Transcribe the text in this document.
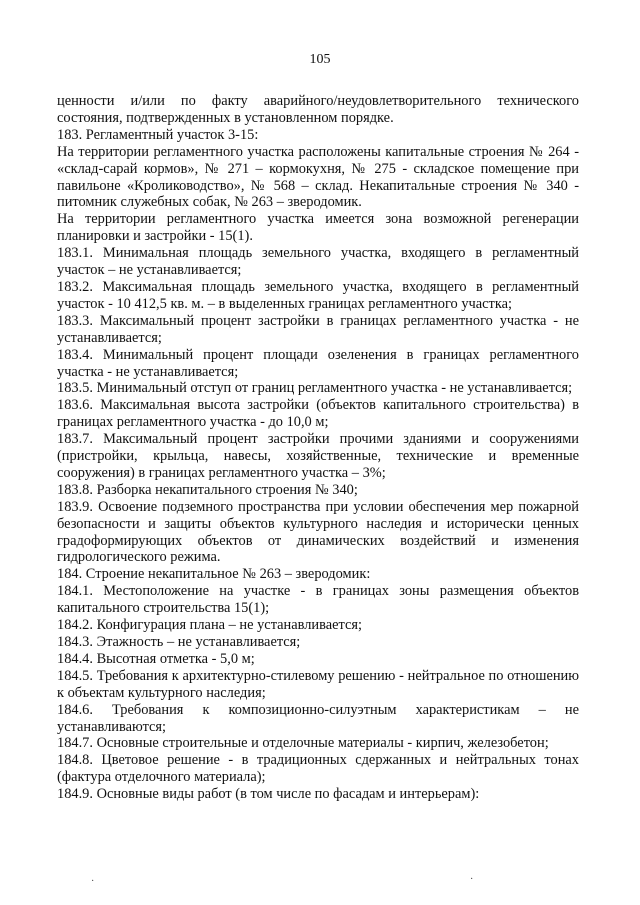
105

ценности и/или по факту аварийного/неудовлетворительного технического состояния, подтвержденных в установленном порядке.

183. Регламентный участок 3-15:

На территории регламентного участка расположены капитальные строения № 264 - «склад-сарай кормов», № 271 – кормокухня, № 275 - складское помещение при павильоне «Кролиководство», № 568 – склад. Некапитальные строения № 340 - питомник служебных собак, № 263 – зверодомик.

На территории регламентного участка имеется зона возможной регенерации планировки и застройки - 15(1).

183.1. Минимальная площадь земельного участка, входящего в регламентный участок – не устанавливается;

183.2. Максимальная площадь земельного участка, входящего в регламентный участок - 10 412,5 кв. м. – в выделенных границах регламентного участка;

183.3. Максимальный процент застройки в границах регламентного участка - не устанавливается;

183.4. Минимальный процент площади озеленения в границах регламентного участка - не устанавливается;

183.5. Минимальный отступ от границ регламентного участка - не устанавливается;

183.6. Максимальная высота застройки (объектов капитального строительства) в границах регламентного участка - до 10,0 м;

183.7. Максимальный процент застройки прочими зданиями и сооружениями (пристройки, крыльца, навесы, хозяйственные, технические и временные сооружения) в границах регламентного участка – 3%;

183.8. Разборка некапитального строения № 340;

183.9. Освоение подземного пространства при условии обеспечения мер пожарной безопасности и защиты объектов культурного наследия и исторически ценных градоформирующих объектов от динамических воздействий и изменения гидрологического режима.

184. Строение некапитальное № 263 – зверодомик:

184.1. Местоположение на участке - в границах зоны размещения объектов капитального строительства 15(1);

184.2. Конфигурация плана – не устанавливается;

184.3. Этажность – не устанавливается;

184.4. Высотная отметка - 5,0 м;

184.5. Требования к архитектурно-стилевому решению - нейтральное по отношению к объектам культурного наследия;

184.6. Требования к композиционно-силуэтным характеристикам – не устанавливаются;

184.7. Основные строительные и отделочные материалы - кирпич, железобетон;

184.8. Цветовое решение - в традиционных сдержанных и нейтральных тонах (фактура отделочного материала);

184.9. Основные виды работ (в том числе по фасадам и интерьерам):

·	·
